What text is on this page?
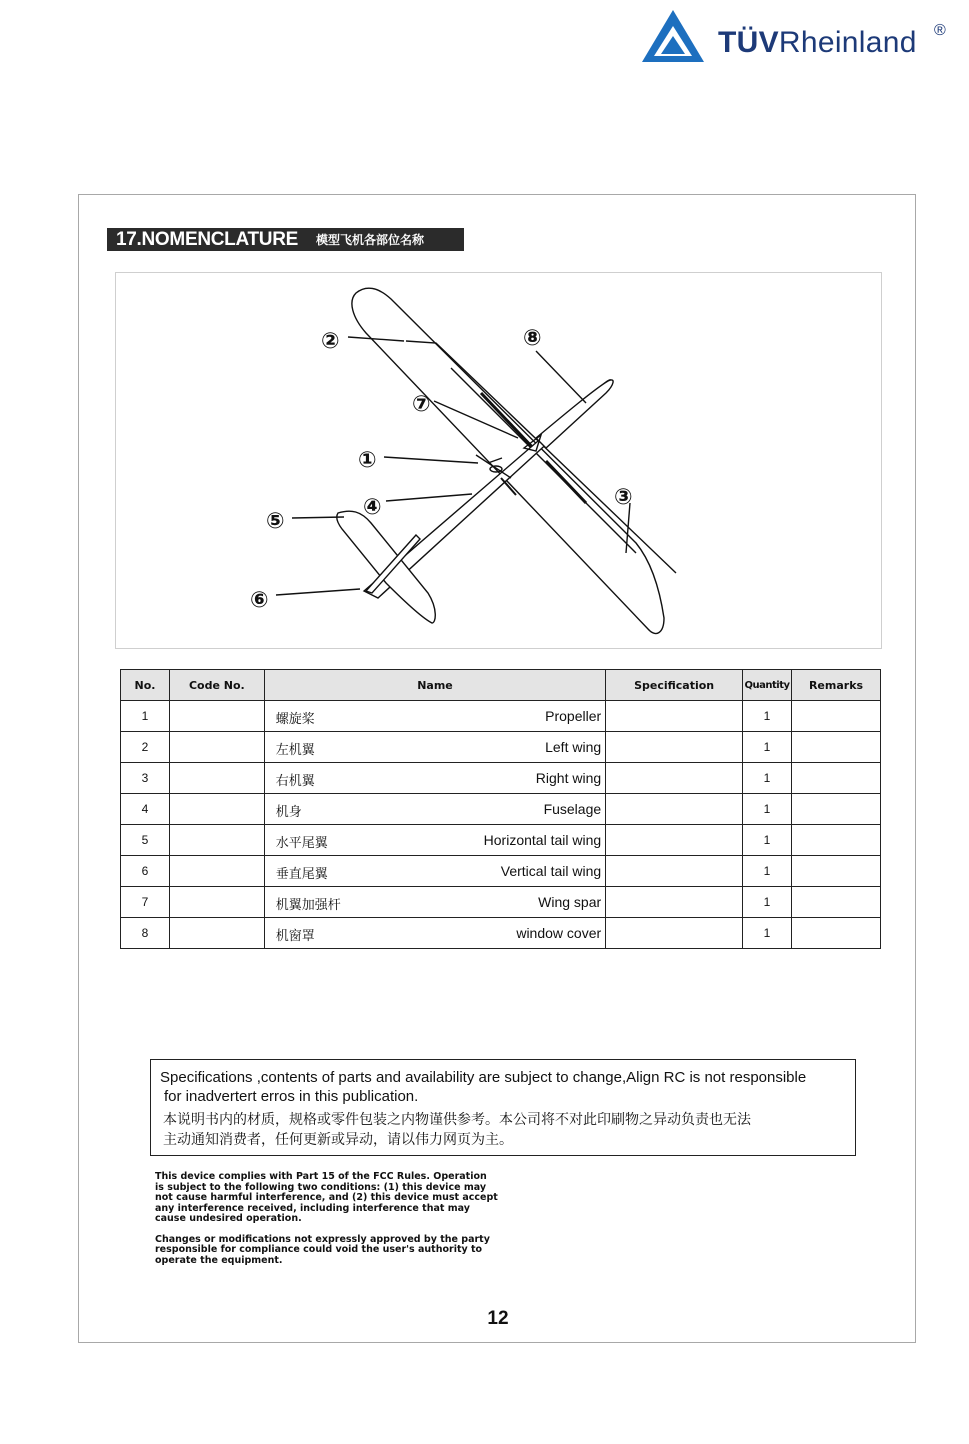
TÜVRheinland ®
17.NOMENCLATURE 模型飞机各部位名称
②	⑧
⑦
①
④	③
⑤
⑥
No.	Code No.	Name	Specification	Quantity	Remarks
1		螺旋桨 Propeller		1	
2		左机翼 Left wing		1	
3		右机翼 Right wing		1	
4		机身 Fuselage		1	
5		水平尾翼 Horizontal tail wing		1	
6		垂直尾翼 Vertical tail wing		1	
7		机翼加强杆 Wing spar		1	
8		机窗罩 window cover		1	

Specifications ,contents of parts and availability are subject to change,Align RC is not responsible

for inadvertert erros in this publication.

本说明书内的材质，规格或零件包装之内物谨供参考。本公司将不对此印刷物之异动负责也无法
主动通知消费者，任何更新或异动，请以伟力网页为主。

This device complies with Part 15 of the FCC Rules. Operation
is subject to the following two conditions: (1) this device may
not cause harmful interference, and (2) this device must accept
any interference received, including interference that may
cause undesired operation.

Changes or modifications not expressly approved by the party
responsible for compliance could void the user's authority to
operate the equipment.

12
